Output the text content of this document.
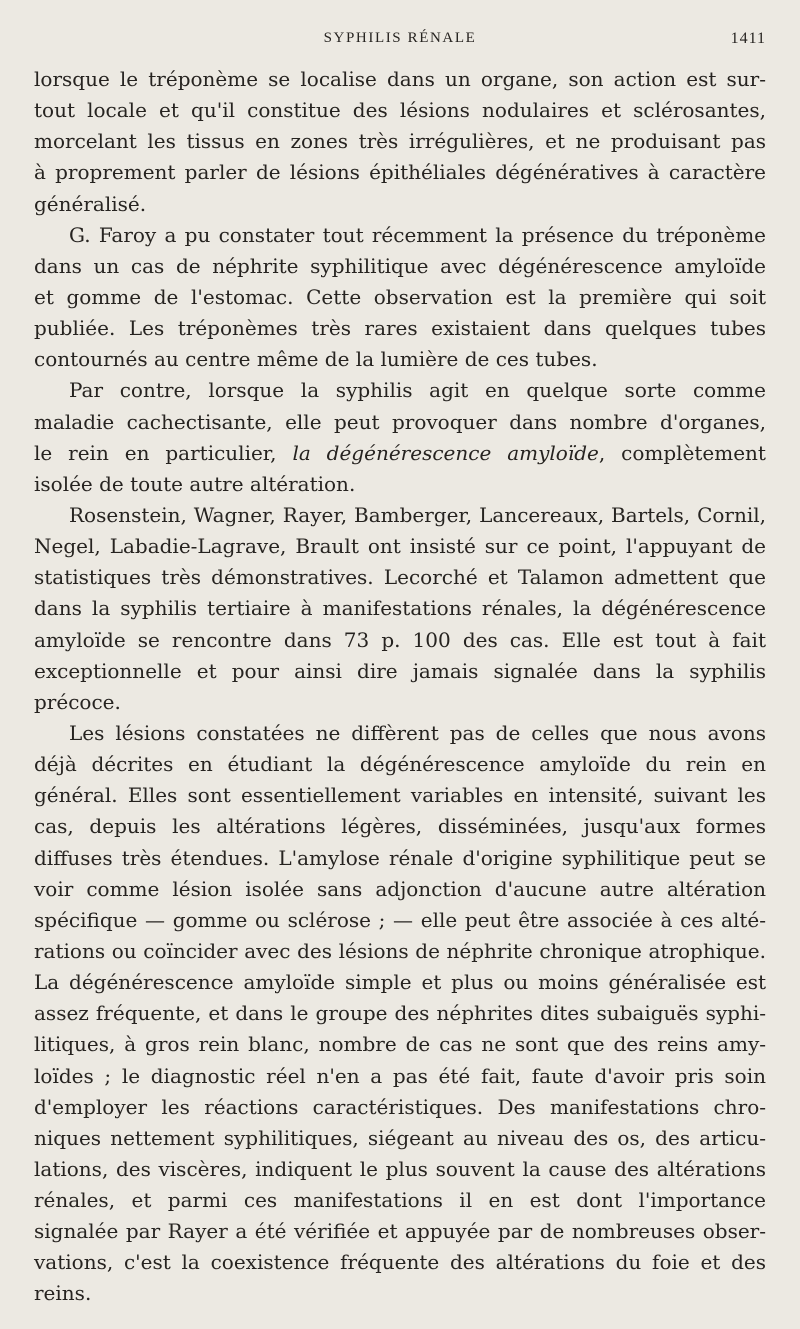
SYPHILIS RÉNALE	1411
lorsque le tréponème se localise dans un organe, son action est sur-
tout locale et qu'il constitue des lésions nodulaires et sclérosantes,
morcelant les tissus en zones très irrégulières, et ne produisant pas
à proprement parler de lésions épithéliales dégénératives à caractère
généralisé.
G. Faroy a pu constater tout récemment la présence du tréponème
dans un cas de néphrite syphilitique avec dégénérescence amyloïde
et gomme de l'estomac. Cette observation est la première qui soit
publiée. Les tréponèmes très rares existaient dans quelques tubes
contournés au centre même de la lumière de ces tubes.
Par contre, lorsque la syphilis agit en quelque sorte comme
maladie cachectisante, elle peut provoquer dans nombre d'organes,
le rein en particulier, la dégénérescence amyloïde, complètement
isolée de toute autre altération.
Rosenstein, Wagner, Rayer, Bamberger, Lancereaux, Bartels, Cornil,
Negel, Labadie-Lagrave, Brault ont insisté sur ce point, l'appuyant de
statistiques très démonstratives. Lecorché et Talamon admettent que
dans la syphilis tertiaire à manifestations rénales, la dégénérescence
amyloïde se rencontre dans 73 p. 100 des cas. Elle est tout à fait
exceptionnelle et pour ainsi dire jamais signalée dans la syphilis
précoce.
Les lésions constatées ne diffèrent pas de celles que nous avons
déjà décrites en étudiant la dégénérescence amyloïde du rein en
général. Elles sont essentiellement variables en intensité, suivant les
cas, depuis les altérations légères, disséminées, jusqu'aux formes
diffuses très étendues. L'amylose rénale d'origine syphilitique peut se
voir comme lésion isolée sans adjonction d'aucune autre altération
spécifique — gomme ou sclérose ; — elle peut être associée à ces alté-
rations ou coïncider avec des lésions de néphrite chronique atrophique.
La dégénérescence amyloïde simple et plus ou moins généralisée est
assez fréquente, et dans le groupe des néphrites dites subaiguës syphi-
litiques, à gros rein blanc, nombre de cas ne sont que des reins amy-
loïdes ; le diagnostic réel n'en a pas été fait, faute d'avoir pris soin
d'employer les réactions caractéristiques. Des manifestations chro-
niques nettement syphilitiques, siégeant au niveau des os, des articu-
lations, des viscères, indiquent le plus souvent la cause des altérations
rénales, et parmi ces manifestations il en est dont l'importance
signalée par Rayer a été vérifiée et appuyée par de nombreuses obser-
vations, c'est la coexistence fréquente des altérations du foie et des
reins.
